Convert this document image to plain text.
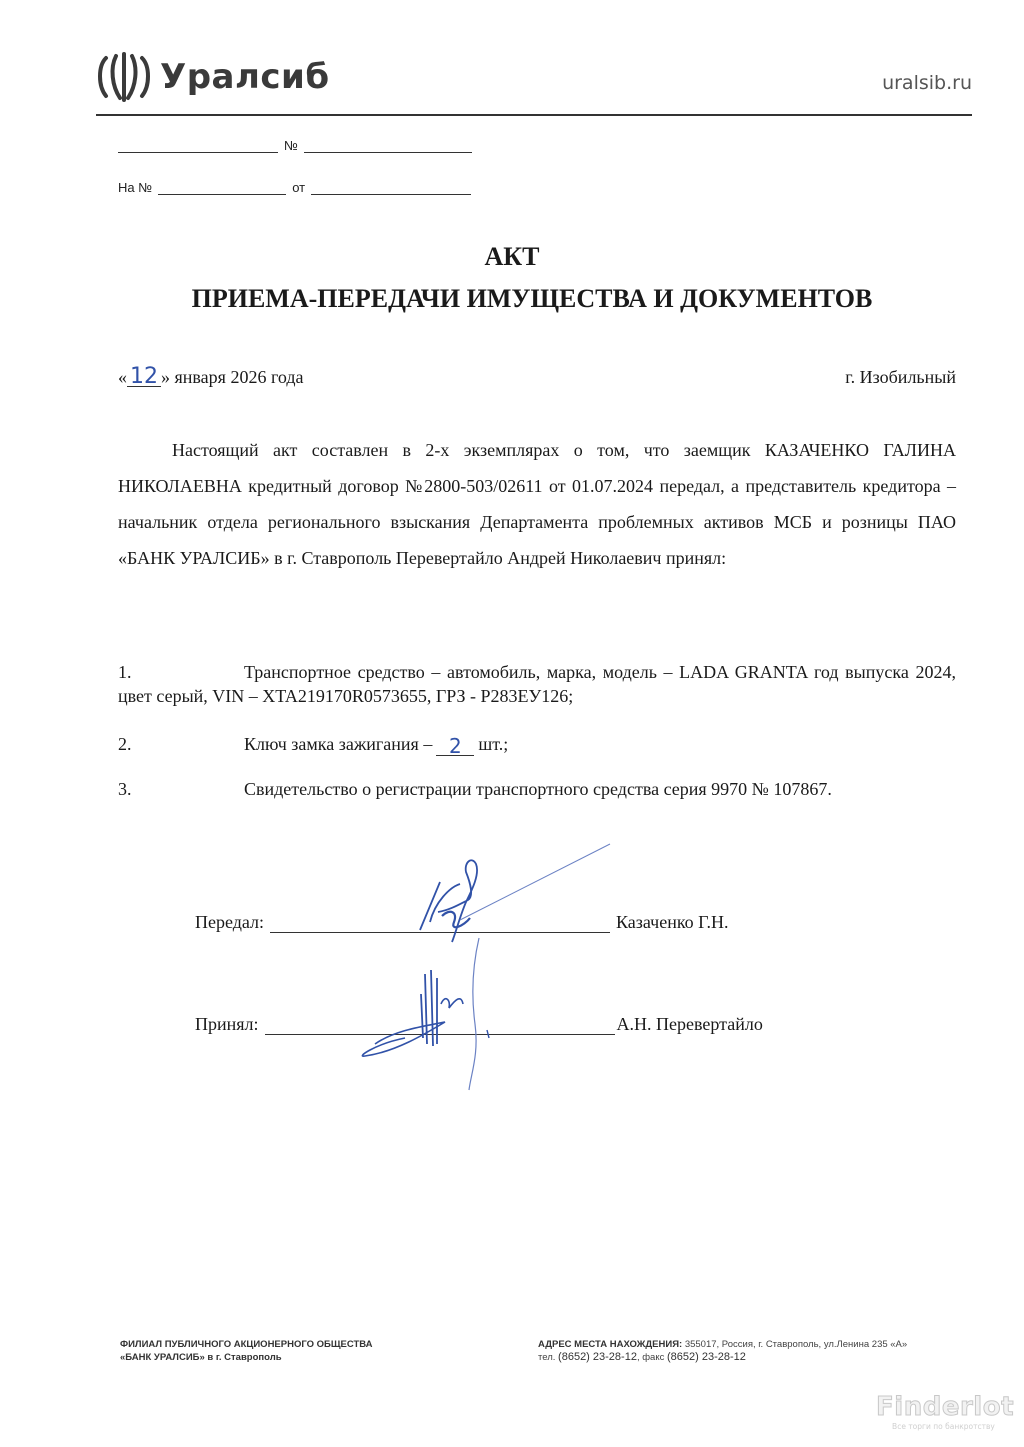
Уралсиб	uralsib.ru
№
На №	от
АКТ
ПРИЕМА-ПЕРЕДАЧИ ИМУЩЕСТВА И ДОКУМЕНТОВ
« 12 » января 2026 года	г. Изобильный
Настоящий акт составлен в 2-х экземплярах о том, что заемщик КАЗАЧЕНКО ГАЛИНА НИКОЛАЕВНА кредитный договор №2800-503/02611 от 01.07.2024 передал, а представитель кредитора – начальник отдела регионального взыскания Департамента проблемных активов МСБ и розницы ПАО «БАНК УРАЛСИБ» в г. Ставрополь Перевертайло Андрей Николаевич принял:
1.	Транспортное средство – автомобиль, марка, модель – LADA GRANTA год выпуска 2024, цвет серый, VIN – XTA219170R0573655, ГРЗ - Р283ЕУ126;
2.	Ключ замка зажигания – 2 шт.;
3.	Свидетельство о регистрации транспортного средства серия 9970 № 107867.
Передал:	Казаченко Г.Н.
Принял:	А.Н. Перевертайло
ФИЛИАЛ ПУБЛИЧНОГО АКЦИОНЕРНОГО ОБЩЕСТВА
«БАНК УРАЛСИБ» в г. Ставрополь
АДРЕС МЕСТА НАХОЖДЕНИЯ: 355017, Россия, г. Ставрополь, ул.Ленина 235 «А»
тел. (8652) 23-28-12, факс (8652) 23-28-12
Finderlot
Все торги по банкротству
